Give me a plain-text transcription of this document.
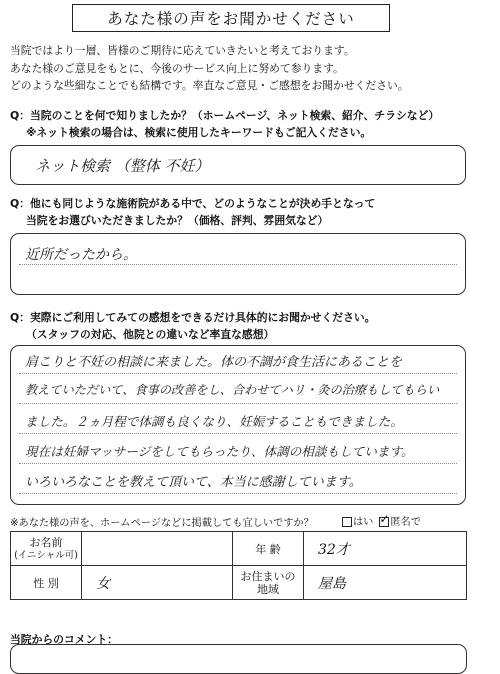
あなた様の声をお聞かせください
当院ではより一層、皆様のご期待に応えていきたいと考えております。
あなた様のご意見をもとに、今後のサービス向上に努めて参ります。
どのような些細なことでも結構です。率直なご意見・ご感想をお聞かせください。
Q：当院のことを何で知りましたか？（ホームページ、ネット検索、紹介、チラシなど）
※ネット検索の場合は、検索に使用したキーワードもご記入ください。
ネット検索 （整体 不妊）
Q：他にも同じような施術院がある中で、どのようなことが決め手となって
当院をお選びいただきましたか？（価格、評判、雰囲気など）
近所だったから。
Q：実際にご利用してみての感想をできるだけ具体的にお聞かせください。
（スタッフの対応、他院との違いなど率直な感想）
肩こりと不妊の相談に来ました。体の不調が食生活にあることを
教えていただいて、食事の改善をし、合わせてハリ・灸の治療もしてもらい
ました。２ヵ月程で体調も良くなり、妊娠することもできました。
現在は妊婦マッサージをしてもらったり、体調の相談もしています。
いろいろなことを教えて頂いて、本当に感謝しています。
※あなた様の声を、ホームページなどに掲載しても宜しいですか？	はい ✓ 匿名で
お名前
(イニシャル可)		年 齢	32才
性 別	女	お住まいの
地域	屋島
当院からのコメント：
